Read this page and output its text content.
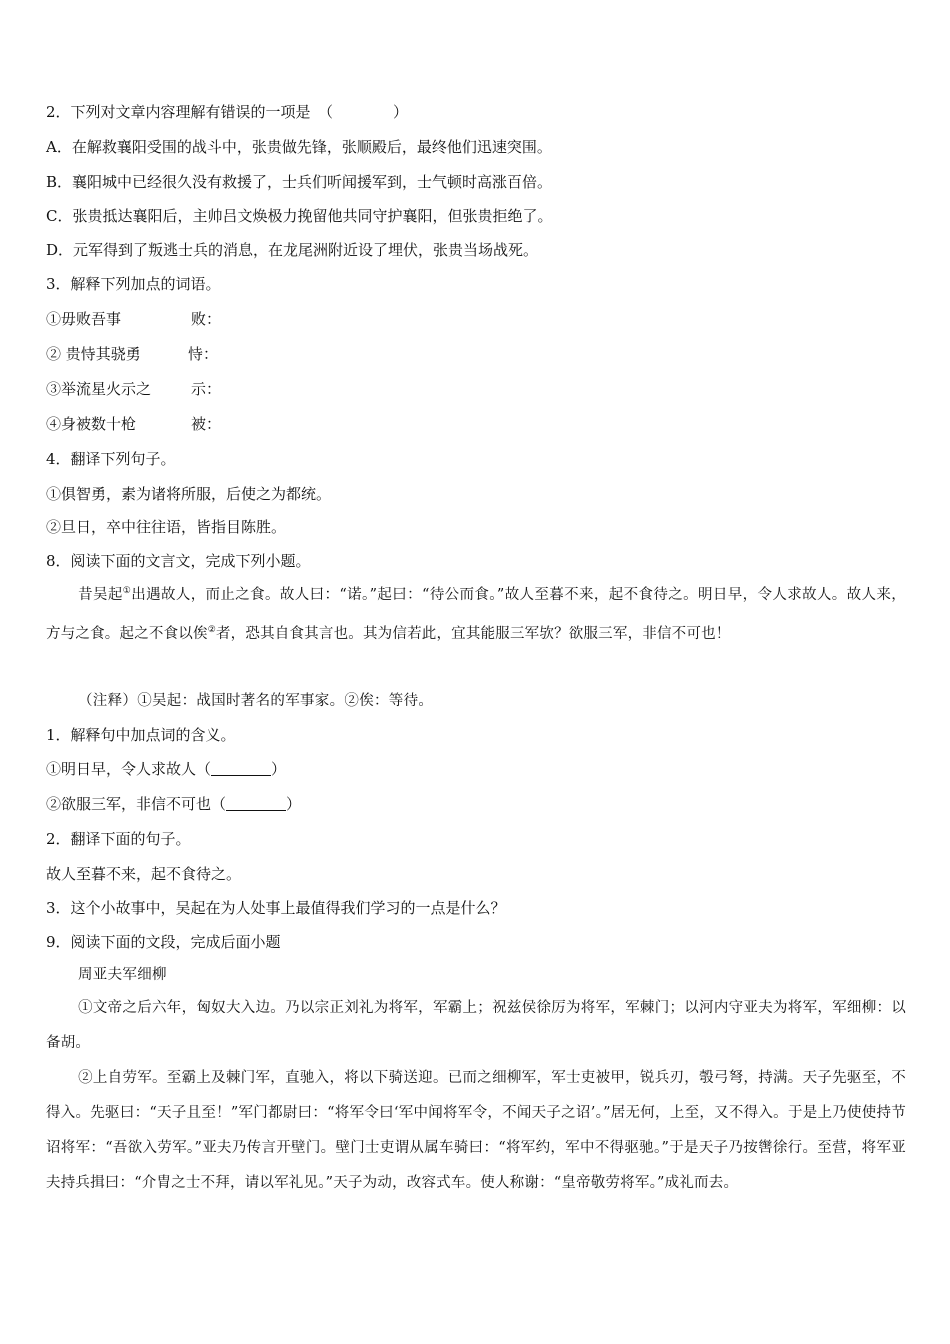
2．下列对文章内容理解有错误的一项是　（　　　　）
A．在解救襄阳受围的战斗中，张贵做先锋，张顺殿后，最终他们迅速突围。
B．襄阳城中已经很久没有救援了，士兵们听闻援军到，士气顿时高涨百倍。
C．张贵抵达襄阳后，主帅吕文焕极力挽留他共同守护襄阳，但张贵拒绝了。
D．元军得到了叛逃士兵的消息，在龙尾洲附近设了埋伏，张贵当场战死。
3．解释下列加点的词语。
①毋败吾事	败：
② 贵恃其骁勇	恃：
③举流星火示之	示：
④身被数十枪	被：
4．翻译下列句子。
①俱智勇，素为诸将所服，后使之为都统。
②旦日，卒中往往语，皆指目陈胜。
8．阅读下面的文言文，完成下列小题。
昔吴起①出遇故人，而止之食。故人曰：“诺。”起曰：“待公而食。”故人至暮不来，起不食待之。明日早，令人求故人。故人来，方与之食。起之不食以俟②者，恐其自食其言也。其为信若此，宜其能服三军欤？欲服三军，非信不可也！
（注释）①吴起：战国时著名的军事家。②俟：等待。
1．解释句中加点词的含义。
①明日早，令人求故人（	）
②欲服三军，非信不可也（	）
2．翻译下面的句子。
故人至暮不来，起不食待之。
3．这个小故事中，吴起在为人处事上最值得我们学习的一点是什么？
9．阅读下面的文段，完成后面小题
周亚夫军细柳
①文帝之后六年，匈奴大入边。乃以宗正刘礼为将军，军霸上；祝兹侯徐厉为将军，军棘门；以河内守亚夫为将军，军细柳：以备胡。
②上自劳军。至霸上及棘门军，直驰入，将以下骑送迎。已而之细柳军，军士吏被甲，锐兵刃，彀弓弩，持满。天子先驱至，不得入。先驱曰：“天子且至！”军门都尉曰：“将军令曰‘军中闻将军令，不闻天子之诏’。”居无何，上至，又不得入。于是上乃使使持节诏将军：“吾欲入劳军。”亚夫乃传言开壁门。壁门士吏谓从属车骑曰：“将军约，军中不得驱驰。”于是天子乃按辔徐行。至营，将军亚夫持兵揖曰：“介胄之士不拜，请以军礼见。”天子为动，改容式车。使人称谢：“皇帝敬劳将军。”成礼而去。
